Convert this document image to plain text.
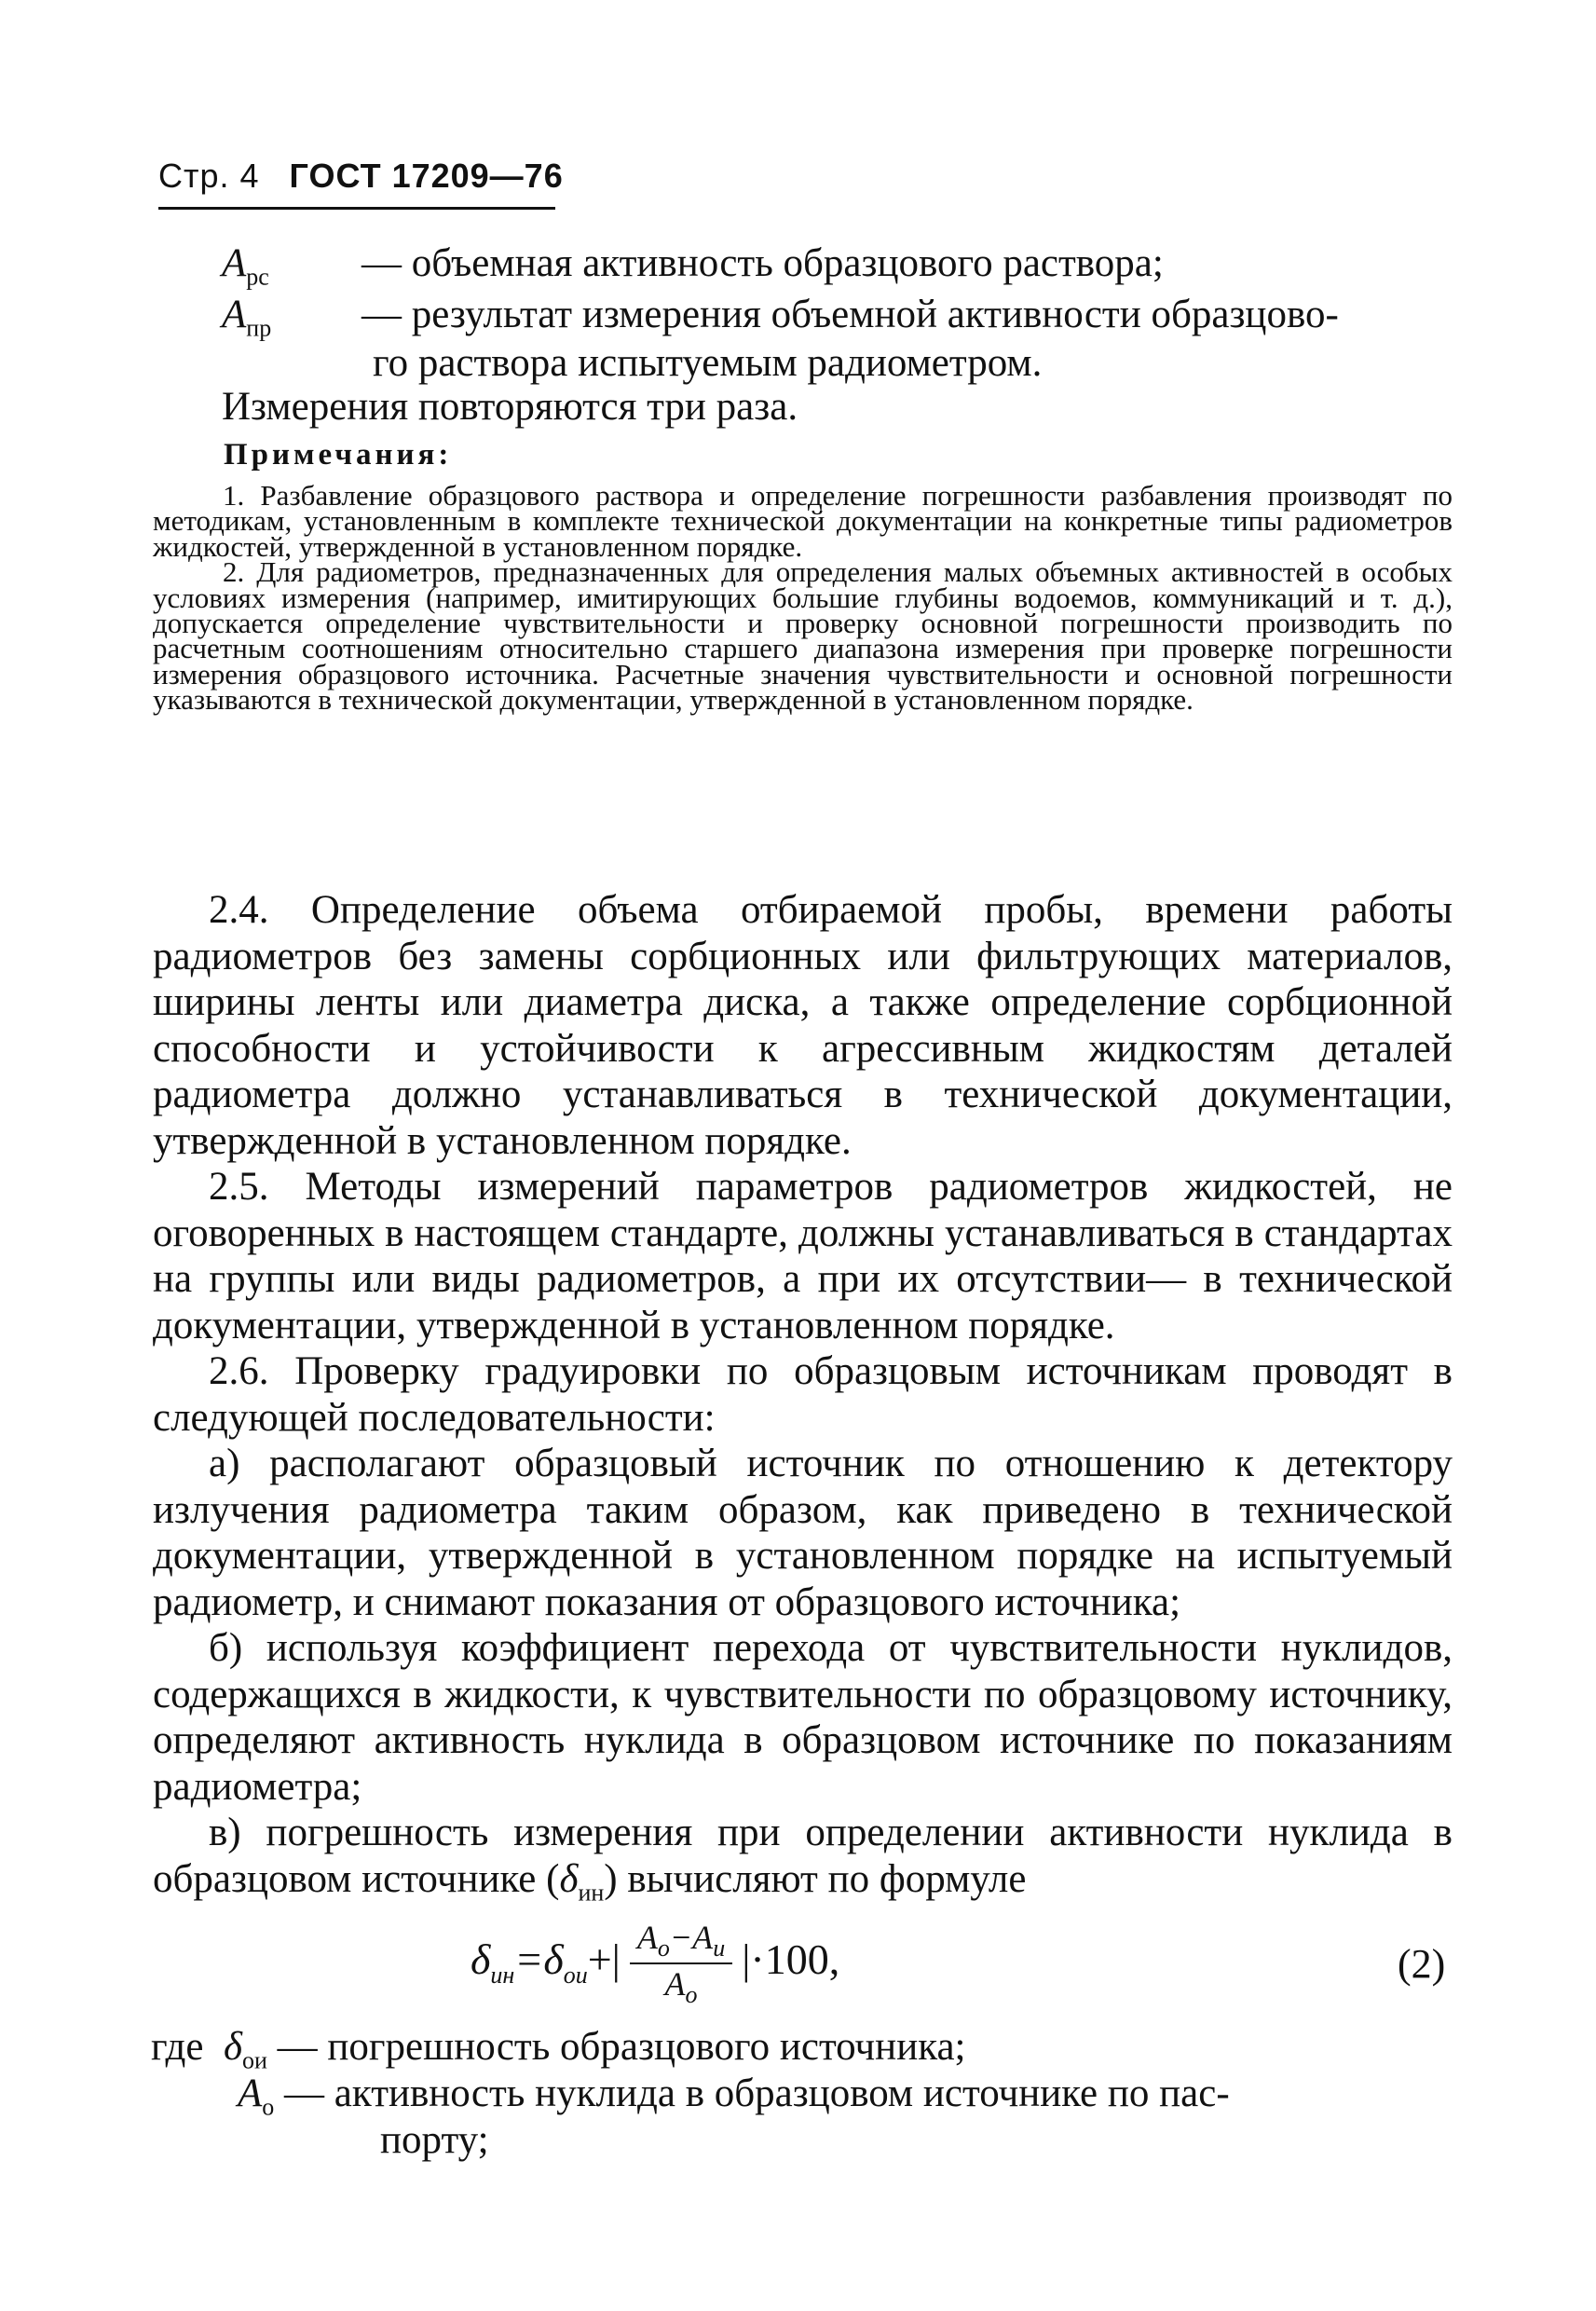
Стр. 4 ГОСТ 17209—76
$A_{рс}$ — объемная активность образцового раствора;
$A_{пр}$ — результат измерения объемной активности образцово-
го раствора испытуемым радиометром.
Измерения повторяются три раза.
Примечания:

1. Разбавление образцового раствора и определение погрешности разбавления производят по методикам, установленным в комплекте технической документации на конкретные типы радиометров жидкостей, утвержденной в установленном порядке.

2. Для радиометров, предназначенных для определения малых объемных активностей в особых условиях измерения (например, имитирующих большие глубины водоемов, коммуникаций и т. д.), допускается определение чувствительности и проверку основной погрешности производить по расчетным соотношениям относительно старшего диапазона измерения при проверке погрешности измерения образцового источника. Расчетные значения чувствительности и основной погрешности указываются в технической документации, утвержденной в установленном порядке.

2.4. Определение объема отбираемой пробы, времени работы радиометров без замены сорбционных или фильтрующих материалов, ширины ленты или диаметра диска, а также определение сорбционной способности и устойчивости к агрессивным жидкостям деталей радиометра должно устанавливаться в технической документации, утвержденной в установленном порядке.

2.5. Методы измерений параметров радиометров жидкостей, не оговоренных в настоящем стандарте, должны устанавливаться в стандартах на группы или виды радиометров, а при их отсутствии— в технической документации, утвержденной в установленном порядке.

2.6. Проверку градуировки по образцовым источникам проводят в следующей последовательности:

а) располагают образцовый источник по отношению к детектору излучения радиометра таким образом, как приведено в технической документации, утвержденной в установленном порядке на испытуемый радиометр, и снимают показания от образцового источника;

б) используя коэффициент перехода от чувствительности нуклидов, содержащихся в жидкости, к чувствительности по образцовому источнику, определяют активность нуклида в образцовом источнике по показаниям радиометра;

в) погрешность измерения при определении активности нуклида в образцовом источнике $(\delta_{ин})$ вычисляют по формуле

$\delta_{ин}=\delta_{ои}+| \frac{A_о-A_и}{A_о} |\cdot 100$,	(2)
где $\delta_{ои}$ — погрешность образцового источника;
$A_о$ — активность нуклида в образцовом источнике по пас-
порту;
